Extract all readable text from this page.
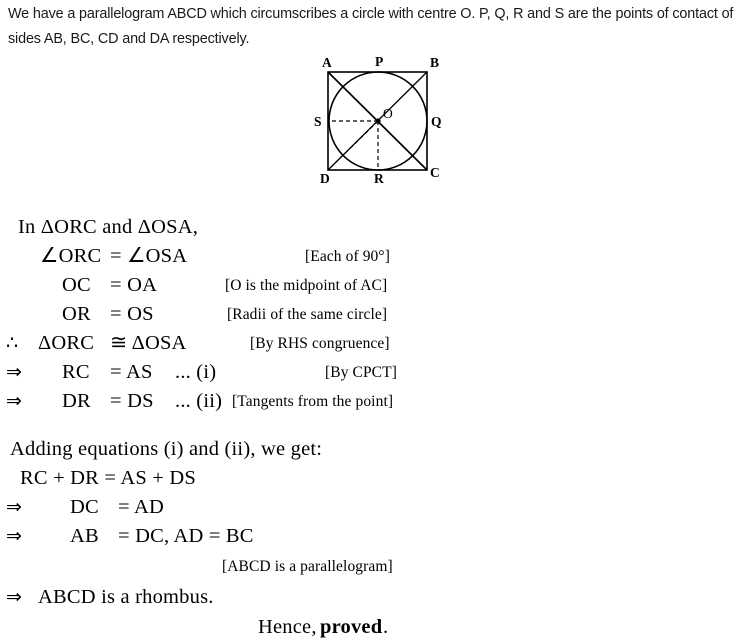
We have a parallelogram ABCD which circumscribes a circle with centre O. P, Q, R and S are the points of contact of sides AB, BC, CD and DA respectively.
A	B
C
D
P
Q
R
S
O
In ΔORC and ΔOSA,
∠ORC = ∠OSA	[Each of 90°]
OC = OA	[O is the midpoint of AC]
OR = OS	[Radii of the same circle]
∴ ΔORC ≅ ΔOSA	[By RHS congruence]
⇒ RC = AS ... (i)	[By CPCT]
⇒ DR = DS ... (ii) [Tangents from the point]
Adding equations (i) and (ii), we get:
RC + DR = AS + DS
⇒ DC = AD
⇒ AB = DC, AD = BC
[ABCD is a parallelogram]
⇒ ABCD is a rhombus.
Hence, proved .
